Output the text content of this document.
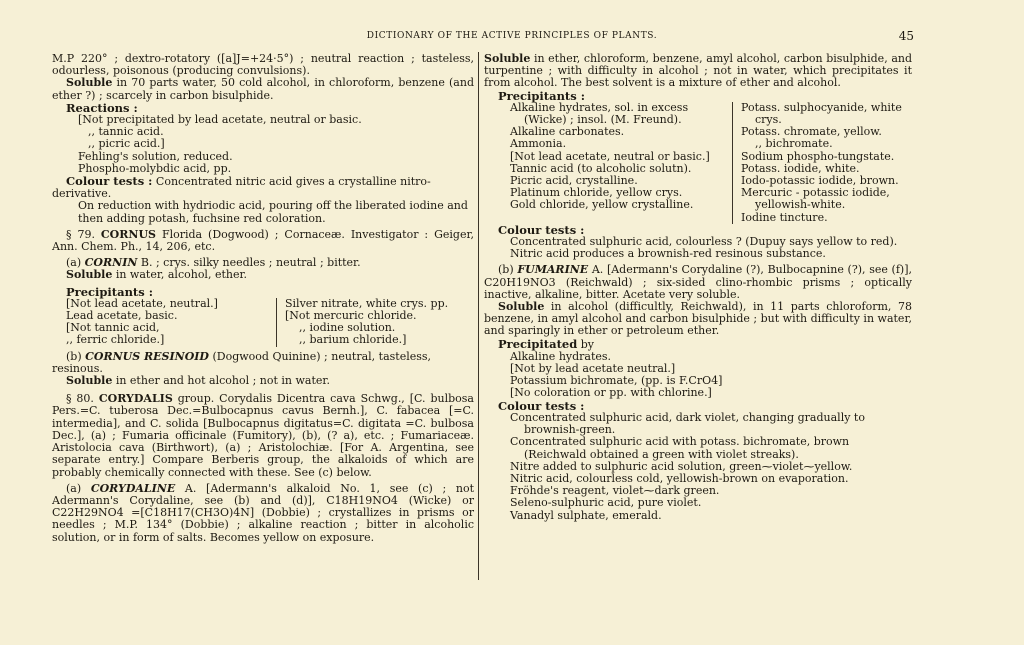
DICTIONARY OF THE ACTIVE PRINCIPLES OF PLANTS.	45

M.P 220° ; dextro-rotatory ([a]J=+24·5°) ; neutral reaction ; tasteless, odourless, poisonous (producing convulsions).

Soluble in 70 parts water, 50 cold alcohol, in chloroform, benzene (and ether ?) ; scarcely in carbon bisulphide.

Reactions :

[Not precipitated by lead acetate, neutral or basic.

,, tannic acid.

,, picric acid.]

Fehling's solution, reduced.

Phospho-molybdic acid, pp.

Colour tests : Concentrated nitric acid gives a crystalline nitro-derivative.

On reduction with hydriodic acid, pouring off the liberated iodine and then adding potash, fuchsine red coloration.

§ 79. CORNUS Florida (Dogwood) ; Cornaceæ. Investigator : Geiger, Ann. Chem. Ph., 14, 206, etc.

(a) CORNIN B. ; crys. silky needles ; neutral ; bitter.

Soluble in water, alcohol, ether.

Precipitants :

[Not lead acetate, neutral.]

Lead acetate, basic.

[Not tannic acid,

,, ferric chloride.]

Silver nitrate, white crys. pp.

[Not mercuric chloride.

,, iodine solution.

,, barium chloride.]

(b) CORNUS RESINOID (Dogwood Quinine) ; neutral, tasteless, resinous.

Soluble in ether and hot alcohol ; not in water.

§ 80. CORYDALIS group. Corydalis Dicentra cava Schwg., [C. bulbosa Pers.=C. tuberosa Dec.=Bulbocapnus cavus Bernh.], C. fabacea [=C. intermedia], and C. solida [Bulbocapnus digitatus=C. digitata =C. bulbosa Dec.], (a) ; Fumaria officinale (Fumitory), (b), (? a), etc. ; Fumariaceæ. Aristolocia cava (Birthwort), (a) ; Aristolochiæ. [For A. Argentina, see separate entry.] Compare Berberis group, the alkaloids of which are probably chemically connected with these. See (c) below.

(a) CORYDALINE A. [Adermann's alkaloid No. 1, see (c) ; not Adermann's Corydaline, see (b) and (d)], C18H19NO4 (Wicke) or C22H29NO4 =[C18H17(CH3O)4N] (Dobbie) ; crystallizes in prisms or needles ; M.P. 134° (Dobbie) ; alkaline reaction ; bitter in alcoholic solution, or in form of salts. Becomes yellow on exposure.

Soluble in ether, chloroform, benzene, amyl alcohol, carbon bisulphide, and turpentine ; with difficulty in alcohol ; not in water, which precipitates it from alcohol. The best solvent is a mixture of ether and alcohol.

Precipitants :

Alkaline hydrates, sol. in excess (Wicke) ; insol. (M. Freund).

Alkaline carbonates.

Ammonia.

[Not lead acetate, neutral or basic.]

Tannic acid (to alcoholic solutn).

Picric acid, crystalline.

Platinum chloride, yellow crys.

Gold chloride, yellow crystalline.

Potass. sulphocyanide, white crys.

Potass. chromate, yellow.

,, bichromate.

Sodium phospho-tungstate.

Potass. iodide, white.

Iodo-potassic iodide, brown.

Mercuric - potassic iodide, yellowish-white.

Iodine tincture.

Colour tests :

Concentrated sulphuric acid, colourless ? (Dupuy says yellow to red).

Nitric acid produces a brownish-red resinous substance.

(b) FUMARINE A. [Adermann's Corydaline (?), Bulbocapnine (?), see (f)], C20H19NO3 (Reichwald) ; six-sided clino-rhombic prisms ; optically inactive, alkaline, bitter. Acetate very soluble.

Soluble in alcohol (difficultly, Reichwald), in 11 parts chloroform, 78 benzene, in amyl alcohol and carbon bisulphide ; but with difficulty in water, and sparingly in ether or petroleum ether.

Precipitated by

Alkaline hydrates.

[Not by lead acetate neutral.]

Potassium bichromate, (pp. is F.CrO4]

[No coloration or pp. with chlorine.]

Colour tests :

Concentrated sulphuric acid, dark violet, changing gradually to brownish-green.

Concentrated sulphuric acid with potass. bichromate, brown (Reichwald obtained a green with violet streaks).

Nitre added to sulphuric acid solution, green⁓violet⁓yellow.

Nitric acid, colourless cold, yellowish-brown on evaporation.

Fröhde's reagent, violet⁓dark green.

Seleno-sulphuric acid, pure violet.

Vanadyl sulphate, emerald.
